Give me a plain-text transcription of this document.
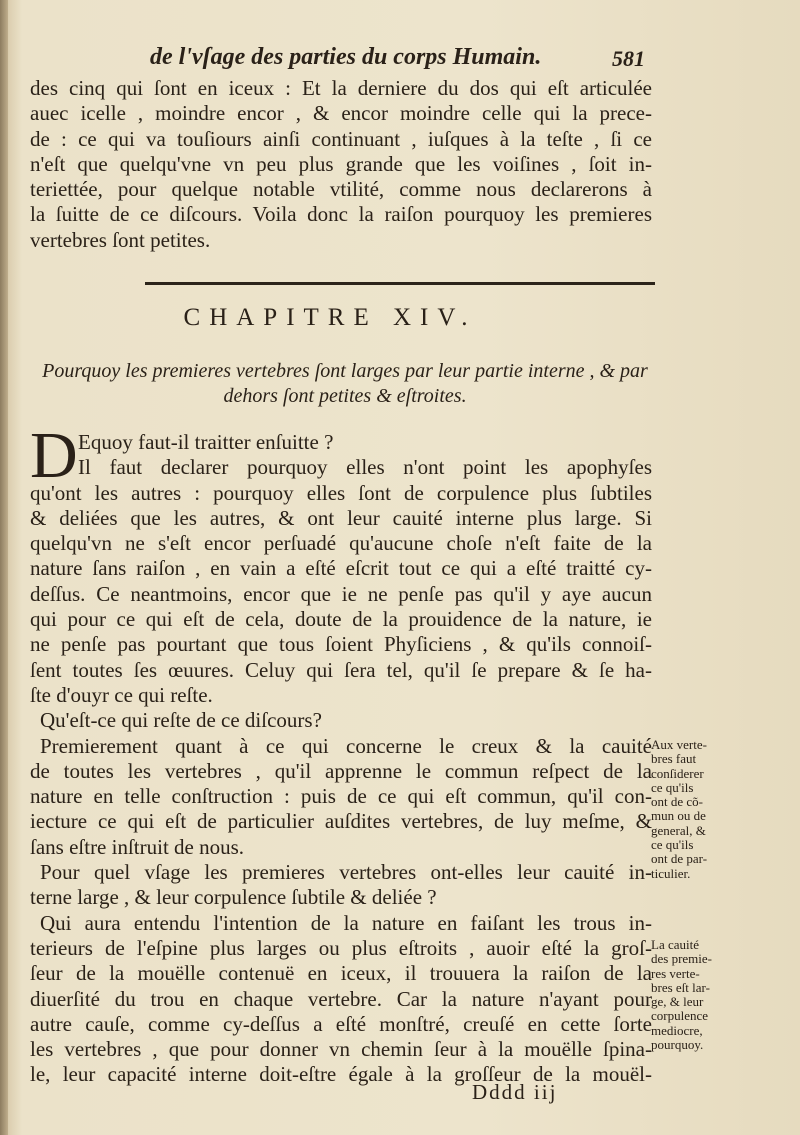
de l'vſage des parties du corps Humain.	581
des cinq qui ſont en iceux : Et la derniere du dos qui eſt articulée
auec icelle , moindre encor , & encor moindre celle qui la prece-
de : ce qui va touſiours ainſi continuant , iuſques à la teſte , ſi ce
n'eſt que quelqu'vne vn peu plus grande que les voiſines , ſoit in-
teriettée, pour quelque notable vtilité, comme nous declarerons à
la ſuitte de ce diſcours. Voila donc la raiſon pourquoy les premieres
vertebres ſont petites.
CHAPITRE XIV.
Pourquoy les premieres vertebres ſont larges par leur partie interne , & par
dehors ſont petites & eſtroites.
D Equoy faut-il traitter enſuitte ?
Il faut declarer pourquoy elles n'ont point les apophyſes
qu'ont les autres : pourquoy elles ſont de corpulence plus ſubtiles
& deliées que les autres, & ont leur cauité interne plus large. Si
quelqu'vn ne s'eſt encor perſuadé qu'aucune choſe n'eſt faite de la
nature ſans raiſon , en vain a eſté eſcrit tout ce qui a eſté traitté cy-
deſſus. Ce neantmoins, encor que ie ne penſe pas qu'il y aye aucun
qui pour ce qui eſt de cela, doute de la prouidence de la nature, ie
ne penſe pas pourtant que tous ſoient Phyſiciens , & qu'ils connoiſ-
ſent toutes ſes œuures. Celuy qui ſera tel, qu'il ſe prepare & ſe ha-
ſte d'ouyr ce qui reſte.
Qu'eſt-ce qui reſte de ce diſcours?
Premierement quant à ce qui concerne le creux & la cauité
de toutes les vertebres , qu'il apprenne le commun reſpect de la
nature en telle conſtruction : puis de ce qui eſt commun, qu'il con-
iecture ce qui eſt de particulier auſdites vertebres, de luy meſme, &
ſans eſtre inſtruit de nous.
Pour quel vſage les premieres vertebres ont-elles leur cauité in-
terne large , & leur corpulence ſubtile & deliée ?
Qui aura entendu l'intention de la nature en faiſant les trous in-
terieurs de l'eſpine plus larges ou plus eſtroits , auoir eſté la groſ-
ſeur de la mouëlle contenuë en iceux, il trouuera la raiſon de la
diuerſité du trou en chaque vertebre. Car la nature n'ayant pour
autre cauſe, comme cy-deſſus a eſté monſtré, creuſé en cette ſorte
les vertebres , que pour donner vn chemin ſeur à la mouëlle ſpina-
le, leur capacité interne doit-eſtre égale à la groſſeur de la mouël-
Aux verte-
bres faut
conſiderer
ce qu'ils
ont de cõ-
mun ou de
general, &
ce qu'ils
ont de par-
ticulier.
La cauité
des premie-
res verte-
bres eſt lar-
ge, & leur
corpulence
mediocre,
pourquoy.
Dddd iij
